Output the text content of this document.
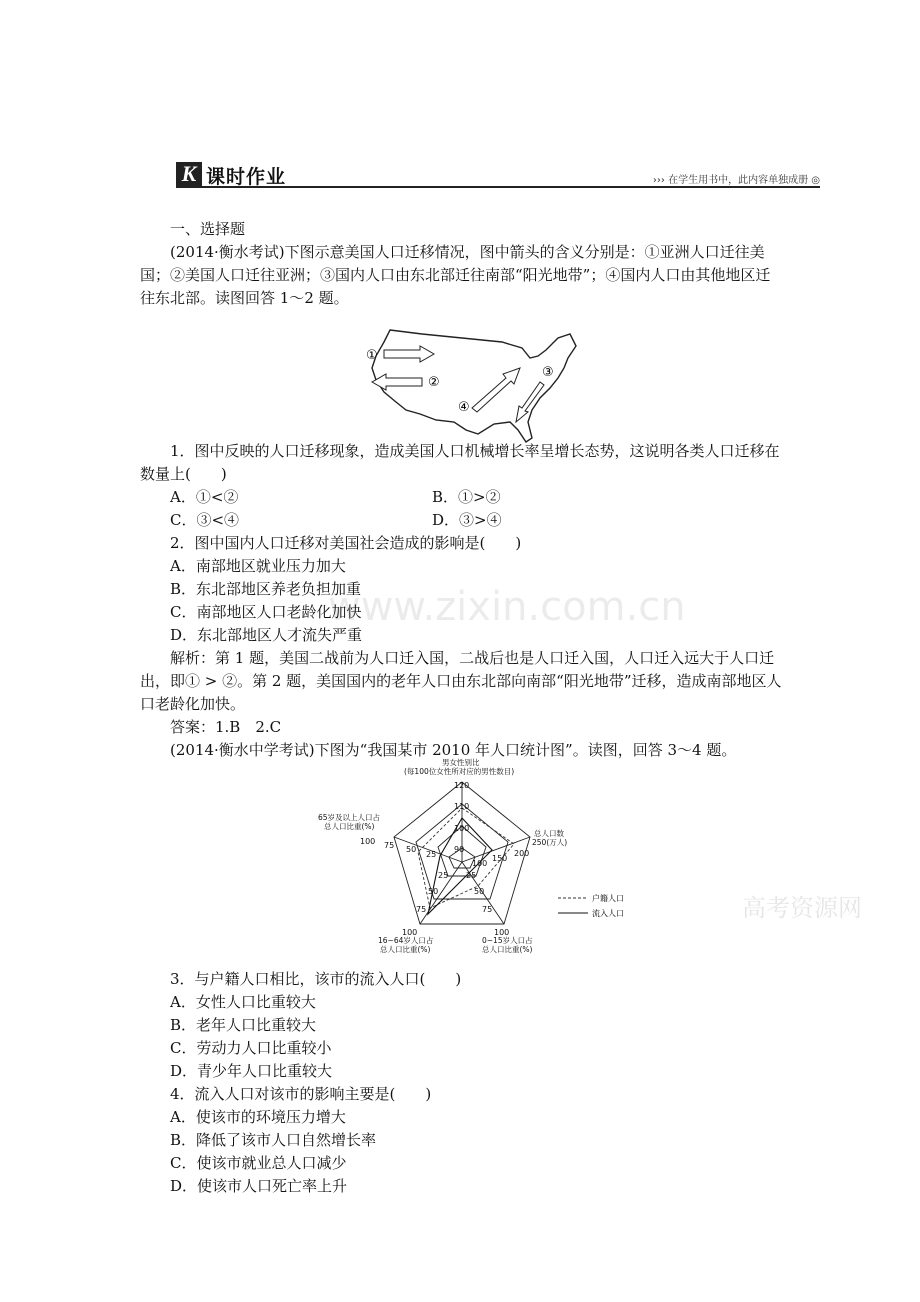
K 课时作业	››› 在学生用书中，此内容单独成册 ◎
①
②
③
④
男女性别比
(每100位女性所对应的男性数目)
65岁及以上人口占
总人口比重(%)
总人口数
250(万人)
16~64岁人口占
总人口比重(%)
0~15岁人口占
总人口比重(%)
120
110
100
90
100 75 50
25	200
150
100
100
75
50
25
100
75
50
25
户籍人口
流入人口
www.zixin.com.cn
高考资源网

一、选择题

(2014·衡水考试)下图示意美国人口迁移情况，图中箭头的含义分别是：①亚洲人口迁往美国；②美国人口迁往亚洲；③国内人口由东北部迁往南部“阳光地带”；④国内人口由其他地区迁往东北部。读图回答 1～2 题。

1．图中反映的人口迁移现象，造成美国人口机械增长率呈增长态势，这说明各类人口迁移在数量上(　　)

A．①<②	B．①>②
C．③<④	D．③>④

2．图中国内人口迁移对美国社会造成的影响是(　　)

A．南部地区就业压力加大

B．东北部地区养老负担加重

C．南部地区人口老龄化加快

D．东北部地区人才流失严重

解析：第 1 题，美国二战前为人口迁入国，二战后也是人口迁入国，人口迁入远大于人口迁出，即① > ②。第 2 题，美国国内的老年人口由东北部向南部“阳光地带”迁移，造成南部地区人口老龄化加快。

答案：1.B　2.C

(2014·衡水中学考试)下图为“我国某市 2010 年人口统计图”。读图，回答 3～4 题。

3．与户籍人口相比，该市的流入人口(　　)

A．女性人口比重较大

B．老年人口比重较大

C．劳动力人口比重较小

D．青少年人口比重较大

4．流入人口对该市的影响主要是(　　)

A．使该市的环境压力增大

B．降低了该市人口自然增长率

C．使该市就业总人口减少

D．使该市人口死亡率上升
